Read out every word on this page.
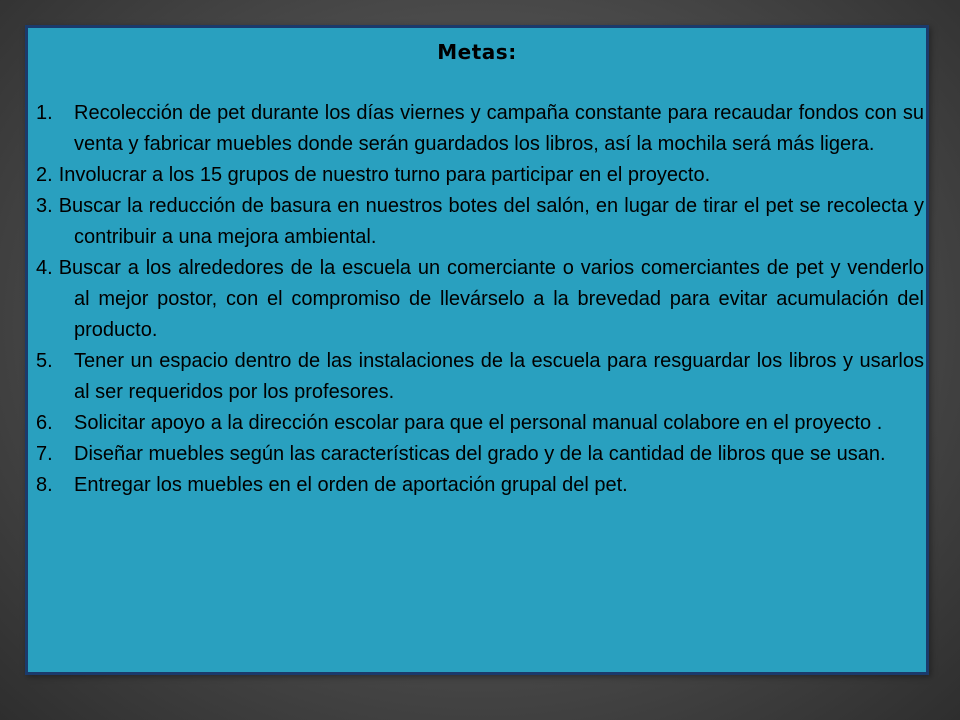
Metas:
1.	Recolección de pet durante los días viernes y campaña constante para recaudar fondos con su venta y fabricar muebles donde serán guardados los libros, así la mochila será más ligera.
2. Involucrar a los 15 grupos de nuestro turno para participar en el proyecto.
3. Buscar la reducción de basura en nuestros botes del salón, en lugar de tirar el pet se recolecta y contribuir a una mejora ambiental.
4. Buscar a los alrededores de la escuela un comerciante o varios comerciantes de pet y venderlo al mejor postor, con el compromiso de llevárselo a la brevedad para evitar acumulación del producto.
5.	Tener un espacio dentro de las instalaciones de la escuela para resguardar los libros y usarlos al ser requeridos por los profesores.
6.	Solicitar apoyo a la dirección escolar para que el personal manual colabore en el proyecto .
7.	Diseñar muebles según las características del grado y de la cantidad de libros que se usan.
8.	Entregar los muebles en el orden de aportación grupal del pet.
